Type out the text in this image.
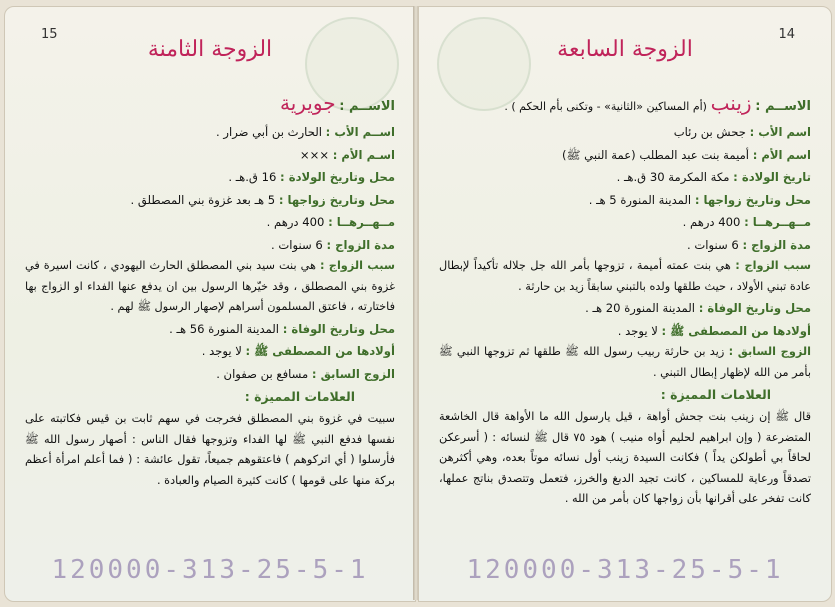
15
الزوجة الثامنة
الاســم : جويرية
اســم الأب : الحارث بن أبي ضرار .
اسـم الأم : ×××
محل وتاريخ الولادة : 16 ق.هـ .
محل وتاريخ زواجها : 5 هـ بعد غزوة بني المصطلق .
مــهــرهــا : 400 درهم .
مدة الزواج : 6 سنوات .
سبب الزواج : هي بنت سيد بني المصطلق الحارث اليهودي ، كانت اسيرة في غزوة بني المصطلق ، وقد خيّرها الرسول بين ان يدفع عنها الفداء او الزواج بها فاختارته ، فاعتق المسلمون أسراهم لإصهار الرسول ﷺ لهم .
محل وتاريخ الوفاة : المدينة المنورة 56 هـ .
أولادها من المصطفى ﷺ : لا يوجد .
الزوج السابق : مسافع بن صفوان .
العلامات المميزة :
سبيت في غزوة بني المصطلق فخرجت في سهم ثابت بن قيس فكاتبته على نفسها فدفع النبي ﷺ لها الفداء وتزوجها فقال الناس : أصهار رسول الله ﷺ فأرسلوا ( أي اتركوهم ) فاعتقوهم جميعاً، تقول عائشة : ( فما أعلم امرأة أعظم بركة منها على قومها ) كانت كثيرة الصيام والعبادة .
120000-313-25-5-1
14
الزوجة السابعة
الاســم : زينب (أم المساكين «الثانية» - وتكنى بأم الحكم ) .
اسم الأب : جحش بن رئاب
اسم الأم : أميمة بنت عبد المطلب (عمة النبي ﷺ)
تاريخ الولادة : مكة المكرمة 30 ق.هـ .
محل وتاريخ زواجها : المدينة المنورة 5 هـ .
مــهــرهــا : 400 درهم .
مدة الزواج : 6 سنوات .
سبب الزواج : هي بنت عمته أميمة ، تزوجها بأمر الله جل جلاله تأكيداً لإبطال عادة تبني الأولاد ، حيث طلقها ولده بالتبني سابقاً زيد بن حارثة .
محل وتاريخ الوفاة : المدينة المنورة 20 هـ .
أولادها من المصطفى ﷺ : لا يوجد .
الزوج السابق : زيد بن حارثة ربيب رسول الله ﷺ طلقها ثم تزوجها النبي ﷺ بأمر من الله لإظهار إبطال التبني .
العلامات المميزة :
قال ﷺ إن زينب بنت جحش أواهة ، قيل يارسول الله ما الأواهة قال الخاشعة المتضرعة ( وإن ابراهيم لحليم أواه منيب ) هود ٧٥ قال ﷺ لنسائه : ( أسرعكن لحاقاً بي أطولكن يداً ) فكانت السيدة زينب أول نسائه موتاً بعده، وهي أكثرهن تصدقاً ورعاية للمساكين ، كانت تجيد الدبغ والخرز، فتعمل وتتصدق بناتج عملها، كانت تفخر على أقرانها بأن زواجها كان بأمر من الله .
120000-313-25-5-1
